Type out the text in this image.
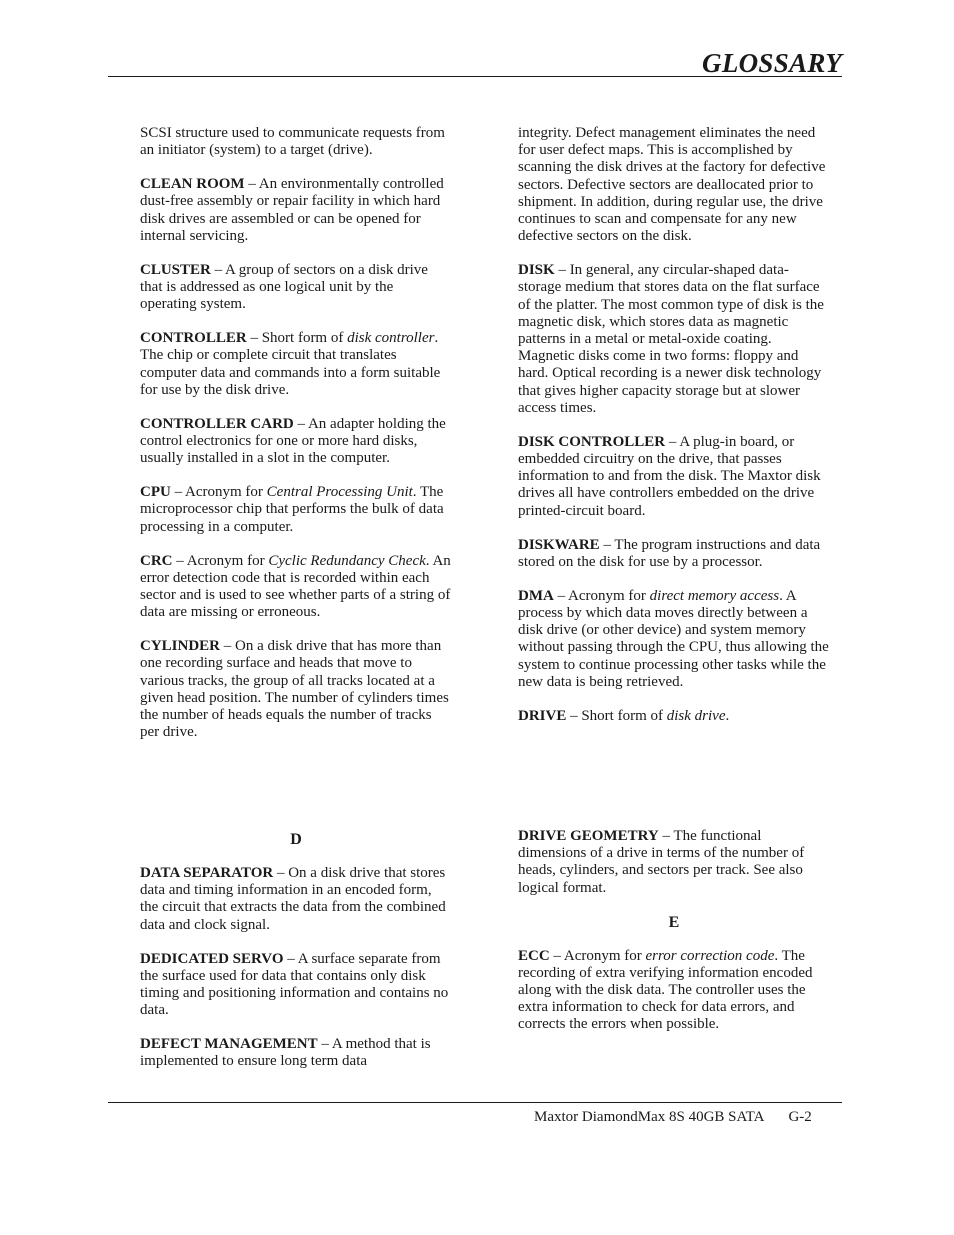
GLOSSARY

SCSI structure used to communicate requests from an initiator (system) to a target (drive).

CLEAN ROOM – An environmentally controlled dust-free assembly or repair facility in which hard disk drives are assembled or can be opened for internal servicing.

CLUSTER – A group of sectors on a disk drive that is addressed as one logical unit by the operating system.

CONTROLLER – Short form of disk controller. The chip or complete circuit that translates computer data and commands into a form suitable for use by the disk drive.

CONTROLLER CARD – An adapter holding the control electronics for one or more hard disks, usually installed in a slot in the computer.

CPU – Acronym for Central Processing Unit. The microprocessor chip that performs the bulk of data processing in a computer.

CRC – Acronym for Cyclic Redundancy Check. An error detection code that is recorded within each sector and is used to see whether parts of a string of data are missing or erroneous.

CYLINDER – On a disk drive that has more than one recording surface and heads that move to various tracks, the group of all tracks located at a given head position. The number of cylinders times the number of heads equals the number of tracks per drive.

D

DATA SEPARATOR – On a disk drive that stores data and timing information in an encoded form, the circuit that extracts the data from the combined data and clock signal.

DEDICATED SERVO – A surface separate from the surface used for data that contains only disk timing and positioning information and contains no data.

DEFECT MANAGEMENT – A method that is implemented to ensure long term data

integrity. Defect management eliminates the need for user defect maps. This is accomplished by scanning the disk drives at the factory for defective sectors. Defective sectors are deallocated prior to shipment. In addition, during regular use, the drive continues to scan and compensate for any new defective sectors on the disk.

DISK – In general, any circular-shaped data-storage medium that stores data on the flat surface of the platter. The most common type of disk is the magnetic disk, which stores data as magnetic patterns in a metal or metal-oxide coating. Magnetic disks come in two forms: floppy and hard. Optical recording is a newer disk technology that gives higher capacity storage but at slower access times.

DISK CONTROLLER – A plug-in board, or embedded circuitry on the drive, that passes information to and from the disk. The Maxtor disk drives all have controllers embedded on the drive printed-circuit board.

DISKWARE – The program instructions and data stored on the disk for use by a processor.

DMA – Acronym for direct memory access. A process by which data moves directly between a disk drive (or other device) and system memory without passing through the CPU, thus allowing the system to continue processing other tasks while the new data is being retrieved.

DRIVE – Short form of disk drive.

DRIVE GEOMETRY – The functional dimensions of a drive in terms of the number of heads, cylinders, and sectors per track. See also logical format.

E

ECC – Acronym for error correction code. The recording of extra verifying information encoded along with the disk data. The controller uses the extra information to check for data errors, and corrects the errors when possible.

Maxtor DiamondMax 8S 40GB SATA G-2
